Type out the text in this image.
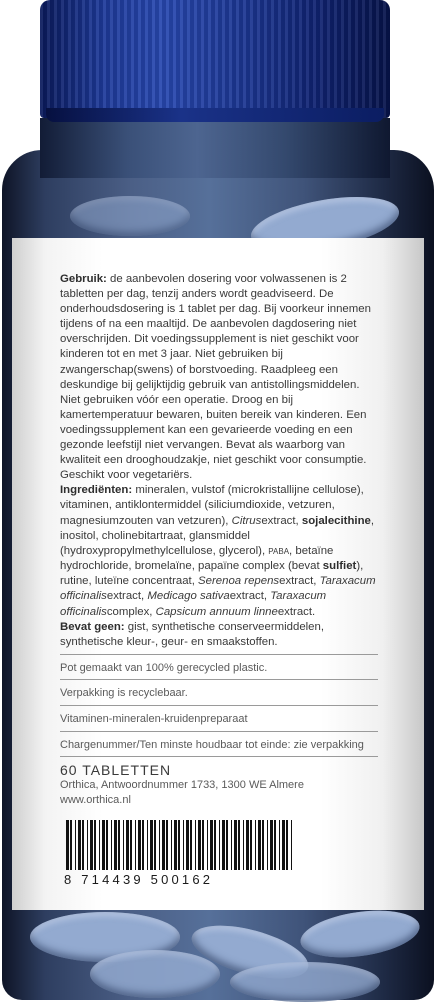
Gebruik: de aanbevolen dosering voor volwassenen is 2 tabletten per dag, tenzij anders wordt geadviseerd. De onderhoudsdosering is 1 tablet per dag. Bij voorkeur innemen tijdens of na een maaltijd. De aanbevolen dagdosering niet overschrijden. Dit voedingssupplement is niet geschikt voor kinderen tot en met 3 jaar. Niet gebruiken bij zwangerschap(swens) of borstvoeding. Raadpleeg een deskundige bij gelijktijdig gebruik van antistollingsmiddelen. Niet gebruiken vóór een operatie. Droog en bij kamertemperatuur bewaren, buiten bereik van kinderen. Een voedingssupplement kan een gevarieerde voeding en een gezonde leefstijl niet vervangen. Bevat als waarborg van kwaliteit een drooghoudzakje, niet geschikt voor consumptie. Geschikt voor vegetariërs.

Ingrediënten: mineralen, vulstof (microkristallijne cellulose), vitaminen, antiklontermiddel (siliciumdioxide, vetzuren, magnesiumzouten van vetzuren), Citrusextract, sojalecithine, inositol, cholinebitartraat, glansmiddel (hydroxypropylmethylcellulose, glycerol), PABA, betaïne hydrochloride, bromelaïne, papaïne complex (bevat sulfiet), rutine, luteïne concentraat, Serenoa repensextract, Taraxacum officinalisextract, Medicago sativaextract, Taraxacum officinaliscomplex, Capsicum annuum linneextract.

Bevat geen: gist, synthetische conserveermiddelen, synthetische kleur-, geur- en smaakstoffen.

Pot gemaakt van 100% gerecycled plastic.

Verpakking is recyclebaar.

Vitaminen-mineralen-kruidenpreparaat

Chargenummer/Ten minste houdbaar tot einde: zie verpakking

60 TABLETTEN

Orthica, Antwoordnummer 1733, 1300 WE Almere

www.orthica.nl

8 714439 500162
